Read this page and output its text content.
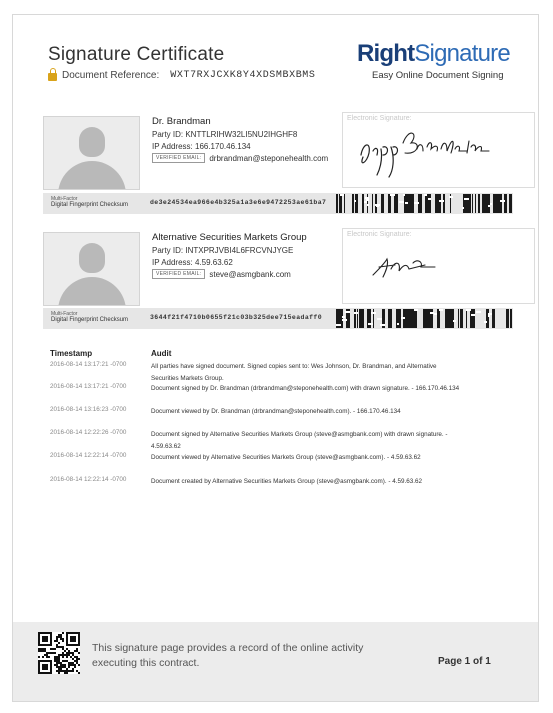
Signature Certificate
Document Reference: WXT7RXJCXK8Y4XDSMBXBMS
RightSignature
Easy Online Document Signing
Dr. Brandman
Party ID: KNTTLRIHW32LI5NU2IHGHF8
IP Address: 166.170.46.134
VERIFIED EMAIL:	drbrandman@steponehealth.com
Electronic Signature:
Multi-Factor
Digital Fingerprint Checksum	de3e24534ea966e4b325a1a3e6e9472253ae61ba7
Alternative Securities Markets Group
Party ID: INTXPRJVBI4L6FRCVNJYGE
IP Address: 4.59.63.62
VERIFIED EMAIL:	steve@asmgbank.com
Electronic Signature:
Multi-Factor
Digital Fingerprint Checksum	3644f21f4710b0655f21c03b325dee715eadaff0
Timestamp	Audit
2016-08-14 13:17:21 -0700	All parties have signed document. Signed copies sent to: Wes Johnson, Dr. Brandman, and Alternative Securities Markets Group.
2016-08-14 13:17:21 -0700	Document signed by Dr. Brandman (drbrandman@steponehealth.com) with drawn signature. - 166.170.46.134
2016-08-14 13:16:23 -0700	Document viewed by Dr. Brandman (drbrandman@steponehealth.com). - 166.170.46.134
2016-08-14 12:22:26 -0700	Document signed by Alternative Securities Markets Group (steve@asmgbank.com) with drawn signature. - 4.59.63.62
2016-08-14 12:22:14 -0700	Document viewed by Alternative Securities Markets Group (steve@asmgbank.com). - 4.59.63.62
2016-08-14 12:22:14 -0700	Document created by Alternative Securities Markets Group (steve@asmgbank.com). - 4.59.63.62
This signature page provides a record of the online activity executing this contract.	Page 1 of 1
